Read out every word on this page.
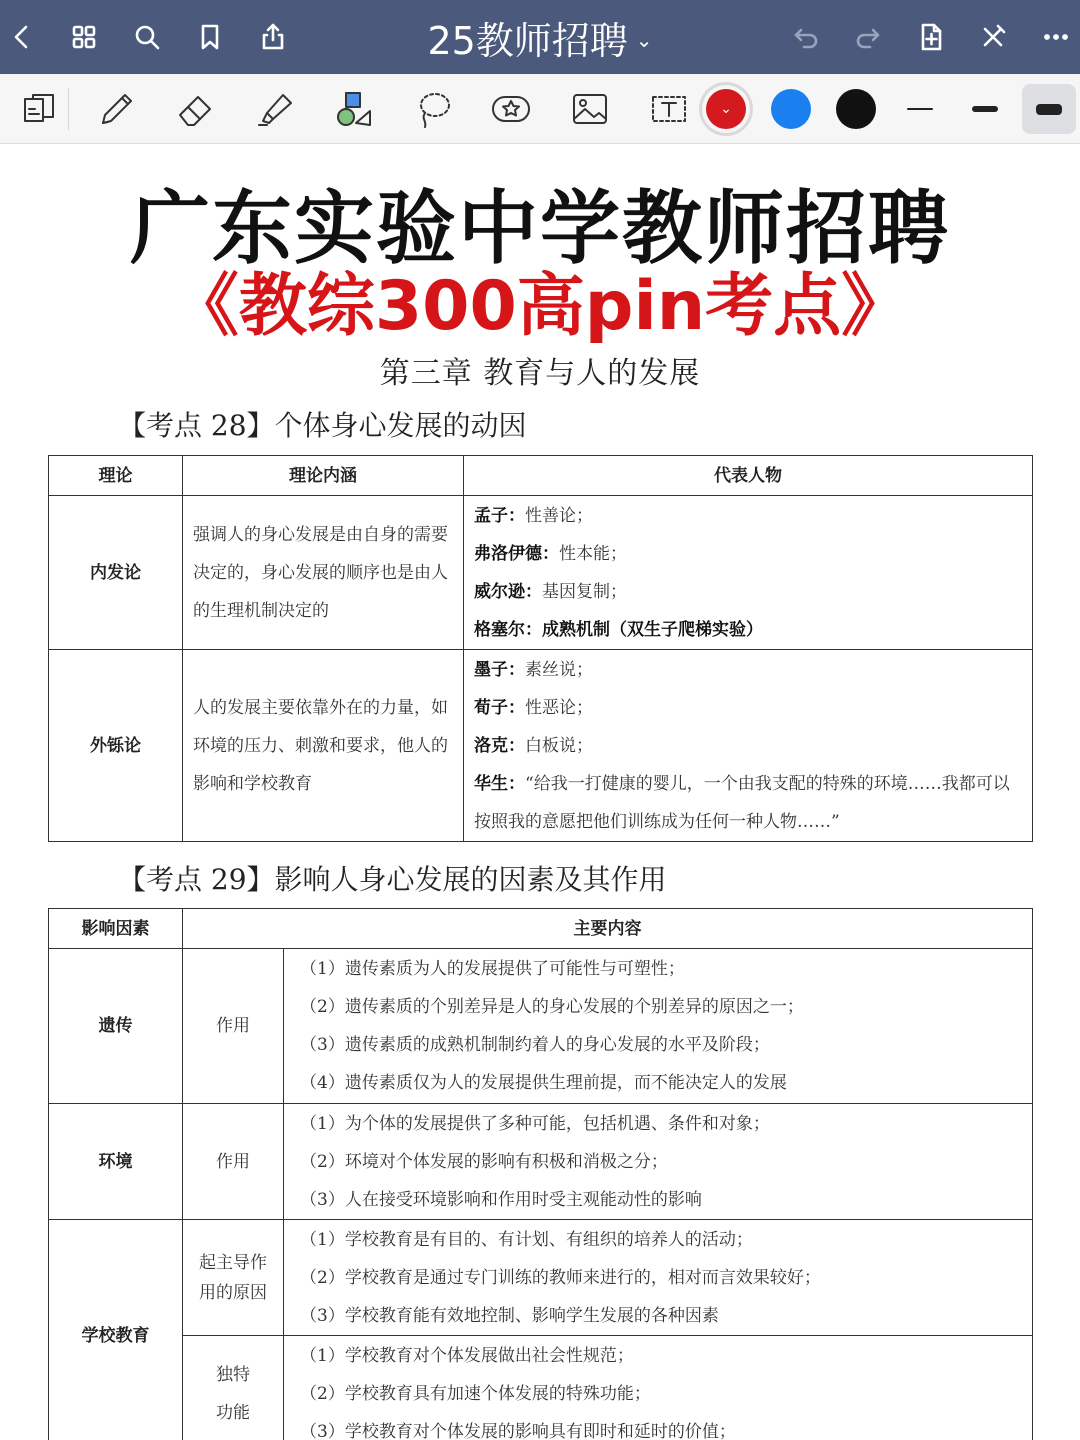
25教师招聘 ⌄
⌄
广东实验中学教师招聘
《教综300高pin考点》
第三章 教育与人的发展
【考点 28】个体身心发展的动因
理论	理论内涵	代表人物
内发论	强调人的身心发展是由自身的需要决定的，身心发展的顺序也是由人的生理机制决定的	孟子：性善论；
弗洛伊德：性本能；
威尔逊：基因复制；
格塞尔：成熟机制（双生子爬梯实验）

外铄论	人的发展主要依靠外在的力量，如环境的压力、刺激和要求，他人的影响和学校教育	墨子：素丝说；
荀子：性恶论；
洛克：白板说；
华生：“给我一打健康的婴儿，一个由我支配的特殊的环境……我都可以按照我的意愿把他们训练成为任何一种人物……”
【考点 29】影响人身心发展的因素及其作用
影响因素	主要内容	
遗传	作用	（1）遗传素质为人的发展提供了可能性与可塑性；
（2）遗传素质的个别差异是人的身心发展的个别差异的原因之一；
（3）遗传素质的成熟机制制约着人的身心发展的水平及阶段；
（4）遗传素质仅为人的发展提供生理前提，而不能决定人的发展

环境	作用	（1）为个体的发展提供了多种可能，包括机遇、条件和对象；
（2）环境对个体发展的影响有积极和消极之分；
（3）人在接受环境影响和作用时受主观能动性的影响

学校教育	起主导作用的原因	（1）学校教育是有目的、有计划、有组织的培养人的活动；
（2）学校教育是通过专门训练的教师来进行的，相对而言效果较好；
（3）学校教育能有效地控制、影响学生发展的各种因素

	独特功能	（1）学校教育对个体发展做出社会性规范；
（2）学校教育具有加速个体发展的特殊功能；
（3）学校教育对个体发展的影响具有即时和延时的价值；
